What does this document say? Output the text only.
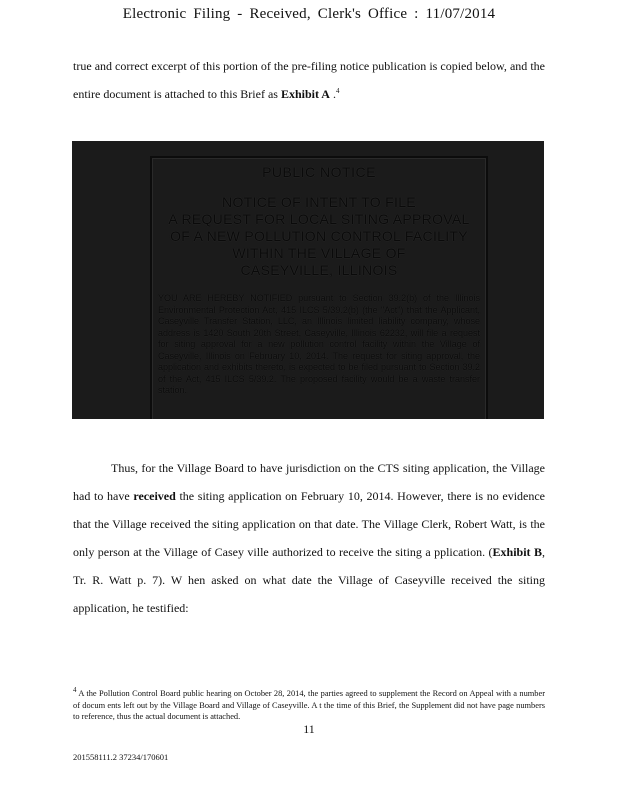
Electronic Filing - Received, Clerk's Office : 11/07/2014
true and correct excerpt of this portion of the pre-filing notice publication is copied below, and the entire document is attached to this Brief as Exhibit A .$^4$
PUBLIC NOTICE
NOTICE OF INTENT TO FILE
A REQUEST FOR LOCAL SITING APPROVAL
OF A NEW POLLUTION CONTROL FACILITY
WITHIN THE VILLAGE OF
CASEYVILLE, ILLINOIS
YOU ARE HEREBY NOTIFIED pursuant to Section 39.2(b) of the Illinois Environmental Protection Act, 415 ILCS 5/39.2(b) (the "Act") that the Applicant, Caseyville Transfer Station, LLC, an Illinois limited liability company, whose address is 1420 South 20th Street, Caseyville, Illinois 62232, will file a request for siting approval for a new pollution control facility within the Village of Caseyville, Illinois on February 10, 2014. The request for siting approval, the application and exhibits thereto, is expected to be filed pursuant to Section 39.2 of the Act, 415 ILCS 5/39.2. The proposed facility would be a waste transfer station.
Thus, for the Village Board to have jurisdiction on the CTS siting application, the Village had to have received the siting application on February 10, 2014. However, there is no evidence that the Village received the siting application on that date. The Village Clerk, Robert Watt, is the only person at the Village of Casey ville authorized to receive the siting a pplication. (Exhibit B, Tr. R. Watt p. 7). W hen asked on what date the Village of Caseyville received the siting application, he testified:
$^4$ A the Pollution Control Board public hearing on October 28, 2014, the parties agreed to supplement the Record on Appeal with a number of docum ents left out by the Village Board and Village of Caseyville. A t the time of this Brief, the Supplement did not have page numbers to reference, thus the actual document is attached.
11
201558111.2 37234/170601
